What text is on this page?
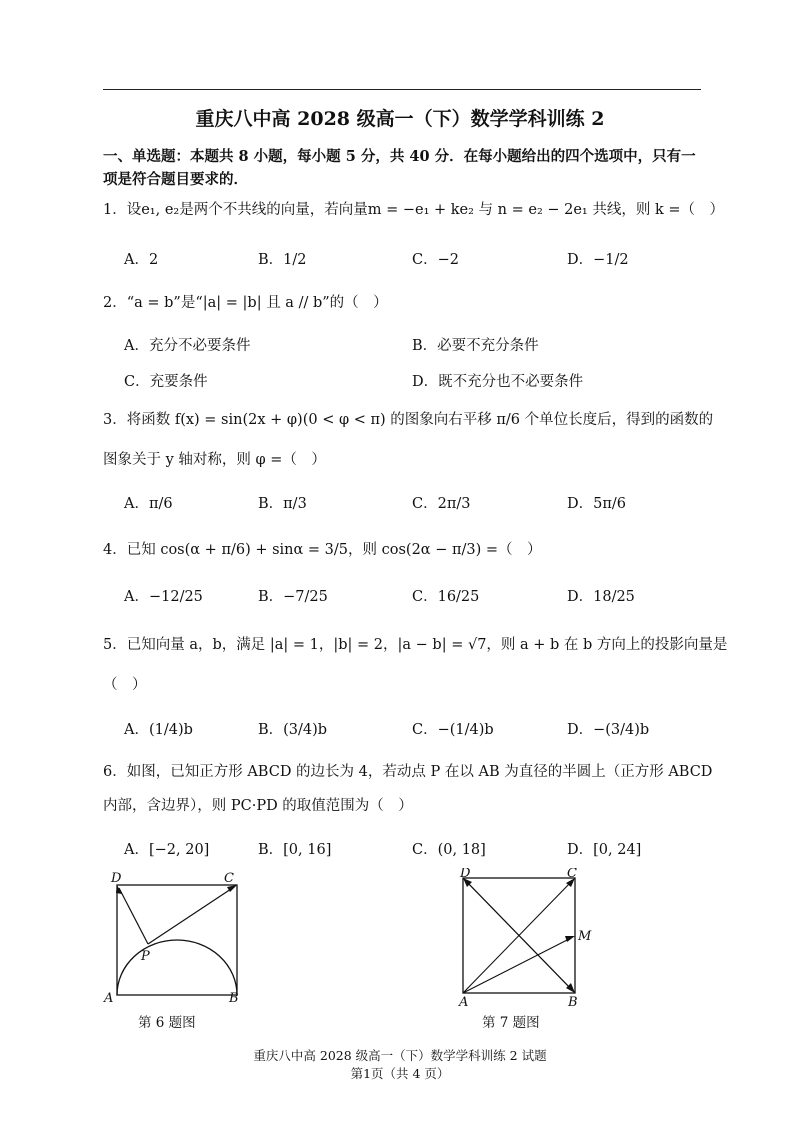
重庆八中高 2028 级高一（下）数学学科训练 2
一、单选题：本题共 8 小题，每小题 5 分，共 40 分．在每小题给出的四个选项中，只有一项是符合题目要求的．
1．设e₁, e₂是两个不共线的向量，若向量m = −e₁ + ke₂ 与 n = e₂ − 2e₁ 共线，则 k =（　）
A．2	B．1/2	C．−2	D．−1/2
2．“a = b”是“|a| = |b| 且 a // b”的（　）
A．充分不必要条件	B．必要不充分条件
C．充要条件	D．既不充分也不必要条件
3．将函数 f(x) = sin(2x + φ)(0 < φ < π) 的图象向右平移 π/6 个单位长度后，得到的函数的
图象关于 y 轴对称，则 φ =（　）
A．π/6	B．π/3	C．2π/3	D．5π/6
4．已知 cos(α + π/6) + sinα = 3/5，则 cos(2α − π/3) =（　）
A．−12/25	B．−7/25	C．16/25	D．18/25
5．已知向量 a，b，满足 |a| = 1，|b| = 2，|a − b| = √7，则 a + b 在 b 方向上的投影向量是
（　）
A．(1/4)b	B．(3/4)b	C．−(1/4)b	D．−(3/4)b
6．如图，已知正方形 ABCD 的边长为 4，若动点 P 在以 AB 为直径的半圆上（正方形 ABCD
内部，含边界），则 PC·PD 的取值范围为（　）
A．[−2, 20]	B．[0, 16]	C．(0, 18]	D．[0, 24]
D	C
P
A	B
第 6 题图
D	C
M
A	B
第 7 题图
重庆八中高 2028 级高一（下）数学学科训练 2 试题
第1页（共 4 页）
